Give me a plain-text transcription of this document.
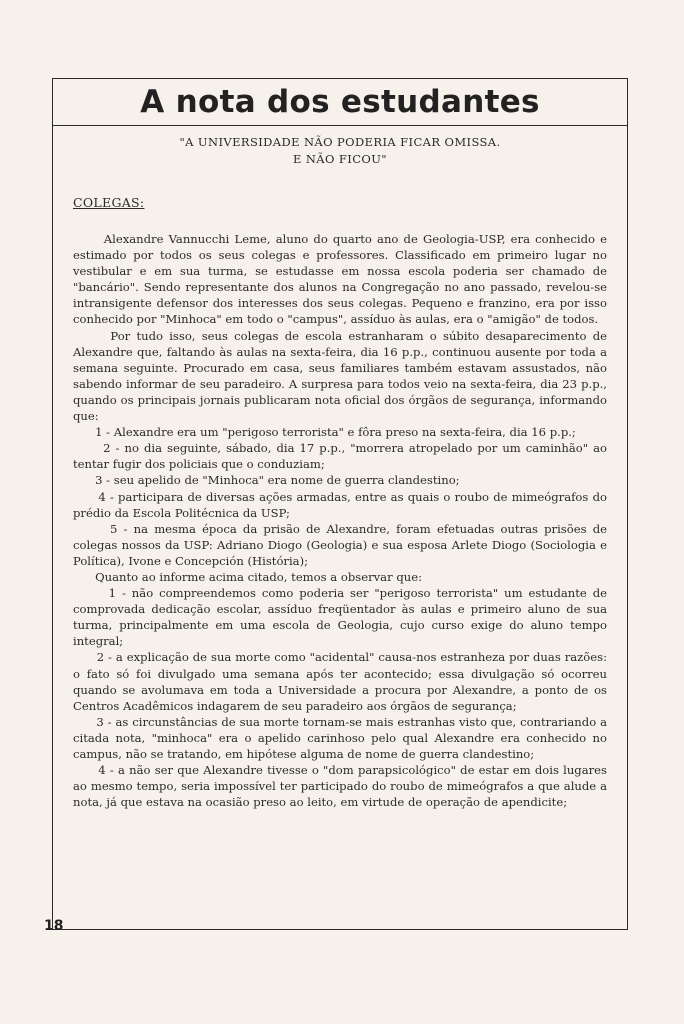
A nota dos estudantes
"A UNIVERSIDADE NÃO PODERIA FICAR OMISSA.
E NÃO FICOU"
COLEGAS:

Alexandre Vannucchi Leme, aluno do quarto ano de Geologia-USP, era conhecido e estimado por todos os seus colegas e professores. Classificado em primeiro lugar no vestibular e em sua turma, se estudasse em nossa escola poderia ser chamado de "bancário". Sendo representante dos alunos na Congregação no ano passado, revelou-se intransigente defensor dos interesses dos seus colegas. Pequeno e franzino, era por isso conhecido por "Minhoca" em todo o "campus", assíduo às aulas, era o "amigão" de todos.

Por tudo isso, seus colegas de escola estranharam o súbito desaparecimento de Alexandre que, faltando às aulas na sexta-feira, dia 16 p.p., continuou ausente por toda a semana seguinte. Procurado em casa, seus familiares também estavam assustados, não sabendo informar de seu paradeiro. A surpresa para todos veio na sexta-feira, dia 23 p.p., quando os principais jornais publicaram nota oficial dos órgãos de segurança, informando que:

1 - Alexandre era um "perigoso terrorista" e fôra preso na sexta-feira, dia 16 p.p.;

2 - no dia seguinte, sábado, dia 17 p.p., "morrera atropelado por um caminhão" ao tentar fugir dos policiais que o conduziam;

3 - seu apelido de "Minhoca" era nome de guerra clandestino;

4 - participara de diversas ações armadas, entre as quais o roubo de mimeógrafos do prédio da Escola Politécnica da USP;

5 - na mesma época da prisão de Alexandre, foram efetuadas outras prisões de colegas nossos da USP: Adriano Diogo (Geologia) e sua esposa Arlete Diogo (Sociologia e Política), Ivone e Concepción (História);

Quanto ao informe acima citado, temos a observar que:

1 - não compreendemos como poderia ser "perigoso terrorista" um estudante de comprovada dedicação escolar, assíduo freqüentador às aulas e primeiro aluno de sua turma, principalmente em uma escola de Geologia, cujo curso exige do aluno tempo integral;

2 - a explicação de sua morte como "acidental" causa-nos estranheza por duas razões: o fato só foi divulgado uma semana após ter acontecido; essa divulgação só ocorreu quando se avolumava em toda a Universidade a procura por Alexandre, a ponto de os Centros Acadêmicos indagarem de seu paradeiro aos órgãos de segurança;

3 - as circunstâncias de sua morte tornam-se mais estranhas visto que, contrariando a citada nota, "minhoca" era o apelido carinhoso pelo qual Alexandre era conhecido no campus, não se tratando, em hipótese alguma de nome de guerra clandestino;

4 - a não ser que Alexandre tivesse o "dom parapsicológico" de estar em dois lugares ao mesmo tempo, seria impossível ter participado do roubo de mimeógrafos a que alude a nota, já que estava na ocasião preso ao leito, em virtude de operação de apendicite;

18
